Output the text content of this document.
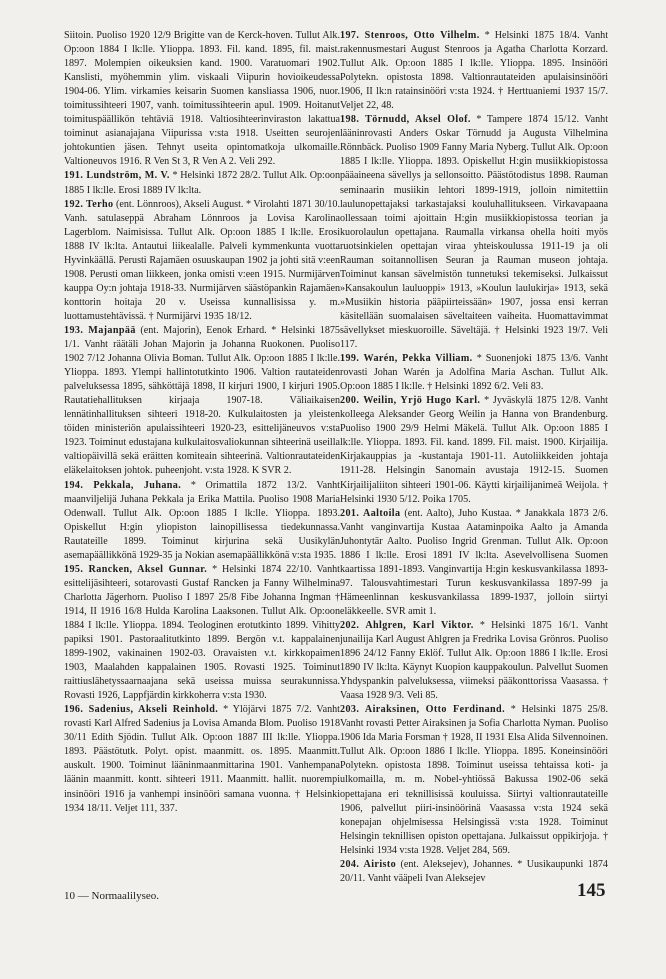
Siitoin. Puoliso 1920 12/9 Brigitte van de Kerck-hoven. Tullut Alk. Op:oon 1884 I lk:lle. Ylioppa. 1893. Fil. kand. 1895, fil. maist. 1897. Molempien oikeuksien kand. 1900. Varatuomari 1902. Kanslisti, myöhemmin ylim. viskaali Viipurin hovioikeudessa 1904-06. Ylim. virkamies keisarin Suomen kansliassa 1906, nuor. toimitussihteeri 1907, vanh. toimitussihteerin apul. 1909. Hoitanut toimituspäällikön tehtäviä 1918. Valtiosihteerinviraston lakattua toiminut asianajajana Viipurissa v:sta 1918. Useitten seurojen johtokuntien jäsen. Tehnyt useita opintomatkoja ulkomaille. Valtioneuvos 1916. R Ven St 3, R Ven A 2. Veli 292.

191. Lundström, M. V. * Helsinki 1872 28/2. Tullut Alk. Op:oon 1885 I lk:lle. Erosi 1889 IV lk:lta.

192. Terho (ent. Lönnroos), Akseli August. * Virolahti 1871 30/10. Vanh. satulaseppä Abraham Lönnroos ja Lovisa Karolina Lagerblom. Naimisissa. Tullut Alk. Op:oon 1885 I lk:lle. Erosi 1888 IV lk:lta. Antautui liikealalle. Palveli kymmenkunta vuotta Hyvinkäällä. Perusti Rajamäen osuuskaupan 1902 ja johti sitä v:een 1908. Perusti oman liikkeen, jonka omisti v:een 1915. Nurmijärven kauppa Oy:n johtaja 1918-33. Nurmijärven säästöpankin Rajamäen konttorin hoitaja 20 v. Useissa kunnallisissa y. m. luottamustehtävissä. † Nurmijärvi 1935 18/12.

193. Majanpää (ent. Majorin), Eenok Erhard. * Helsinki 1875 1/1. Vanht räätäli Johan Majorin ja Johanna Ruokonen. Puoliso 1902 7/12 Johanna Olivia Boman. Tullut Alk. Op:oon 1885 I lk:lle. Ylioppa. 1893. Ylempi hallintotutkinto 1906. Valtion rautateiden palveluksessa 1895, sähköttäjä 1898, II kirjuri 1900, I kirjuri 1905. Rautatiehallituksen kirjaaja 1907-18. Väliaikaisen lennätinhallituksen sihteeri 1918-20. Kulkulaitosten ja yleisten töiden ministeriön apulaissihteeri 1920-23, esittelijäneuvos v:sta 1923. Toiminut edustajana kulkulaitosvaliokunnan sihteerinä useilla valtiopäivillä sekä eräitten komiteain sihteerinä. Valtionrautateiden eläkelaitoksen johtok. puheenjoht. v:sta 1928. K SVR 2.

194. Pekkala, Juhana. * Orimattila 1872 13/2. Vanht maanviljelijä Juhana Pekkala ja Erika Mattila. Puoliso 1908 Maria Odenwall. Tullut Alk. Op:oon 1885 I lk:lle. Ylioppa. 1893. Opiskellut H:gin yliopiston lainopillisessa tiedekunnassa. Rautateille 1899. Toiminut kirjurina sekä Uusikylän asemapäällikkönä 1929-35 ja Nokian asemapäällikkönä v:sta 1935.

195. Rancken, Aksel Gunnar. * Helsinki 1874 22/10. Vanht esittelijäsihteeri, sotarovasti Gustaf Rancken ja Fanny Wilhelmina Charlotta Jägerhorn. Puoliso I 1897 25/8 Fibe Johanna Ingman † 1914, II 1916 16/8 Hulda Karolina Laaksonen. Tullut Alk. Op:oon 1884 I lk:lle. Ylioppa. 1894. Teologinen erotutkinto 1899. Vihitty papiksi 1901. Pastoraalitutkinto 1899. Bergön v.t. kappalainen 1899-1902, vakinainen 1902-03. Oravaisten v.t. kirkkopaimen 1903, Maalahden kappalainen 1905. Rovasti 1925. Toiminut raittiuslähetyssaarnaajana sekä useissa muissa seurakunnissa. Rovasti 1926, Lappfjärdin kirkkoherra v:sta 1930.

196. Sadenius, Akseli Reinhold. * Ylöjärvi 1875 7/2. Vanht rovasti Karl Alfred Sadenius ja Lovisa Amanda Blom. Puoliso 1918 30/11 Edith Sjödin. Tullut Alk. Op:oon 1887 III lk:lle. Ylioppa. 1893. Päästötutk. Polyt. opist. maanmitt. os. 1895. Maanmitt. auskult. 1900. Toiminut lääninmaanmittarina 1901. Vanhempana läänin maanmitt. kontt. sihteeri 1911. Maanmitt. hallit. nuorempi insinööri 1916 ja vanhempi insinööri samana vuonna. † Helsinki 1934 18/11. Veljet 111, 337.

197. Stenroos, Otto Vilhelm. * Helsinki 1875 18/4. Vanht rakennusmestari August Stenroos ja Agatha Charlotta Korzard. Tullut Alk. Op:oon 1885 I lk:lle. Ylioppa. 1895. Insinööri Polytekn. opistosta 1898. Valtionrautateiden apulaisinsinööri 1906, II lk:n ratainsinööri v:sta 1924. † Herttuaniemi 1937 15/7. Veljet 22, 48.

198. Törnudd, Aksel Olof. * Tampere 1874 15/12. Vanht lääninrovasti Anders Oskar Törnudd ja Augusta Vilhelmina Rönnbäck. Puoliso 1909 Fanny Maria Nyberg. Tullut Alk. Op:oon 1885 I lk:lle. Ylioppa. 1893. Opiskellut H:gin musiikkiopistossa pääaineena sävellys ja sellonsoitto. Päästötodistus 1898. Rauman seminaarin musiikin lehtori 1899-1919, jolloin nimitettiin laulunopettajaksi tarkastajaksi kouluhallitukseen. Virkavapaana ollessaan toimi ajoittain H:gin musiikkiopistossa teorian ja kuorolaulun opettajana. Raumalla virkansa ohella hoiti myös ruotsinkielen opettajan viraa yhteiskoulussa 1911-19 ja oli Rauman soitannollisen Seuran ja Rauman museon johtaja. Toiminut kansan sävelmistön tunnetuksi tekemiseksi. Julkaissut »Kansakoulun lauluoppi» 1913, »Koulun laulukirja» 1913, sekä »Musiikin historia pääpiirteissään» 1907, jossa ensi kerran käsitellään suomalaisen säveltaiteen vaiheita. Huomattavimmat sävellykset mieskuoroille. Säveltäjä. † Helsinki 1923 19/7. Veli 117.

199. Warén, Pekka Villiam. * Suonenjoki 1875 13/6. Vanht rovasti Johan Warén ja Adolfina Maria Aschan. Tullut Alk. Op:oon 1885 I lk:lle. † Helsinki 1892 6/2. Veli 83.

200. Weilin, Yrjö Hugo Karl. * Jyväskylä 1875 12/8. Vanht kolleega Aleksander Georg Weilin ja Hanna von Brandenburg. Puoliso 1900 29/9 Helmi Mäkelä. Tullut Alk. Op:oon 1885 I lk:lle. Ylioppa. 1893. Fil. kand. 1899. Fil. maist. 1900. Kirjailija. Kirjakauppias ja -kustantaja 1901-11. Autoliikkeiden johtaja 1911-28. Helsingin Sanomain avustaja 1912-15. Suomen Kirjailijaliiton sihteeri 1901-06. Käytti kirjailijanimeä Weijola. † Helsinki 1930 5/12. Poika 1705.

201. Aaltoila (ent. Aalto), Juho Kustaa. * Janakkala 1873 2/6. Vanht vanginvartija Kustaa Aataminpoika Aalto ja Amanda Juhontytär Aalto. Puoliso Ingrid Grenman. Tullut Alk. Op:oon 1886 I lk:lle. Erosi 1891 IV lk:lta. Asevelvollisena Suomen kaartissa 1891-1893. Vanginvartija H:gin keskusvankilassa 1893-97. Talousvahtimestari Turun keskusvankilassa 1897-99 ja Hämeenlinnan keskusvankilassa 1899-1937, jolloin siirtyi eläkkeelle. SVR amit 1.

202. Ahlgren, Karl Viktor. * Helsinki 1875 16/1. Vanht junailija Karl August Ahlgren ja Fredrika Lovisa Grönros. Puoliso 1896 24/12 Fanny Eklöf. Tullut Alk. Op:oon 1886 I lk:lle. Erosi 1890 IV lk:lta. Käynyt Kuopion kauppakoulun. Palvellut Suomen Yhdyspankin palveluksessa, viimeksi pääkonttorissa Vaasassa. † Vaasa 1928 9/3. Veli 85.

203. Airaksinen, Otto Ferdinand. * Helsinki 1875 25/8. Vanht rovasti Petter Airaksinen ja Sofia Charlotta Nyman. Puoliso 1906 Ida Maria Forsman † 1928, II 1931 Elsa Alida Silvennoinen. Tullut Alk. Op:oon 1886 I lk:lle. Ylioppa. 1895. Koneinsinööri Polytekn. opistosta 1898. Toiminut useissa tehtaissa koti- ja ulkomailla, m. m. Nobel-yhtiössä Bakussa 1902-06 sekä opettajana eri teknillisissä kouluissa. Siirtyi valtionrautateille 1906, palvellut piiri-insinöörinä Vaasassa v:sta 1924 sekä konepajan ohjelmisessa Helsingissä v:sta 1928. Toiminut Helsingin teknillisen opiston opettajana. Julkaissut oppikirjoja. † Helsinki 1934 v:sta 1928. Veljet 284, 569.

204. Airisto (ent. Aleksejev), Johannes. * Uusikaupunki 1874 20/11. Vanht vääpeli Ivan Aleksejev

10 — Normaalilyseo.	145
